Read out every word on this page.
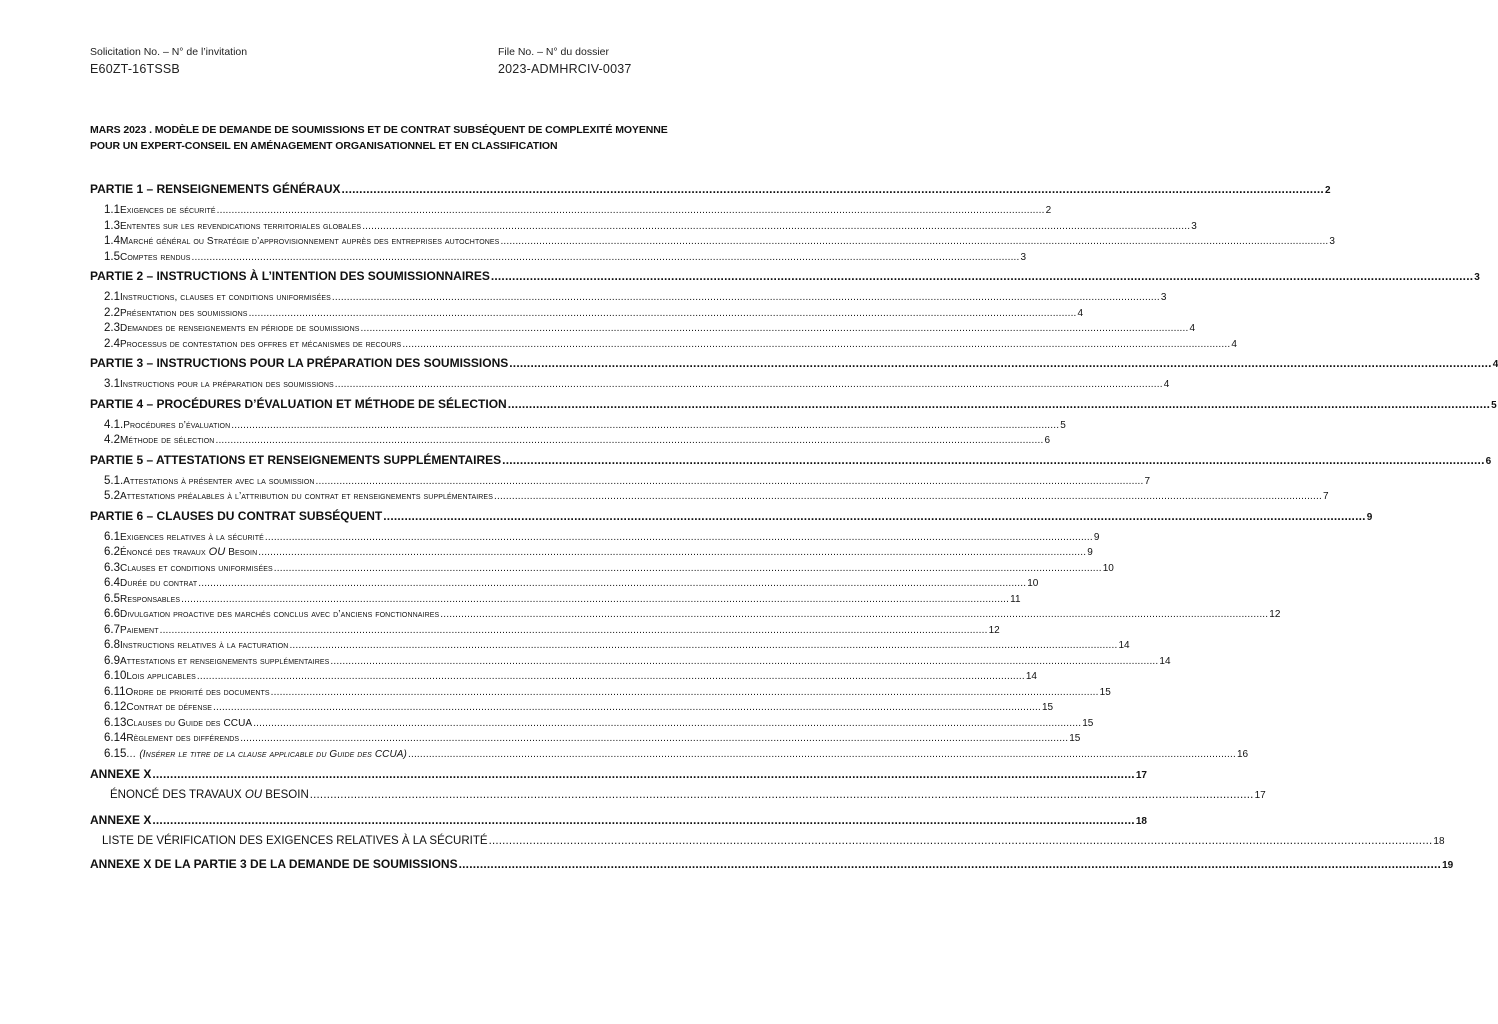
Solicitation No. – N° de l’invitation
E60ZT-16TSSB
File No. – N° du dossier
2023-ADMHRCIV-0037
MARS 2023 . MODÈLE DE DEMANDE DE SOUMISSIONS ET DE CONTRAT SUBSÉQUENT DE COMPLEXITÉ MOYENNE
POUR UN EXPERT-CONSEIL EN AMÉNAGEMENT ORGANISATIONNEL ET EN CLASSIFICATION
PARTIE 1 – RENSEIGNEMENTS GÉNÉRAUX .....	2
1.1 Exigences de sécurité .....	2
1.3 Ententes sur les revendications territoriales globales .....	3
1.4 Marché général ou Stratégie d’approvisionnement auprès des entreprises autochtones .....	3
1.5 Comptes rendus .....	3
PARTIE 2 – INSTRUCTIONS À L’INTENTION DES SOUMISSIONNAIRES .....	3
2.1 Instructions, clauses et conditions uniformisées .....	3
2.2 Présentation des soumissions .....	4
2.3 Demandes de renseignements en période de soumissions .....	4
2.4 Processus de contestation des offres et mécanismes de recours .....	4
PARTIE 3 – INSTRUCTIONS POUR LA PRÉPARATION DES SOUMISSIONS .....	4
3.1 Instructions pour la préparation des soumissions .....	4
PARTIE 4 – PROCÉDURES D’ÉVALUATION ET MÉTHODE DE SÉLECTION .....	5
4.1. Procédures d’évaluation .....	5
4.2 Méthode de sélection .....	6
PARTIE 5 – ATTESTATIONS ET RENSEIGNEMENTS SUPPLÉMENTAIRES .....	6
5.1. Attestations à présenter avec la soumission .....	7
5.2 Attestations préalables à l’attribution du contrat et renseignements supplémentaires .....	7
PARTIE 6 – CLAUSES DU CONTRAT SUBSÉQUENT .....	9
6.1 Exigences relatives à la sécurité .....	9
6.2 Énoncé des travaux OU Besoin .....	9
6.3 Clauses et conditions uniformisées .....	10
6.4 Durée du contrat .....	10
6.5 Responsables .....	11
6.6 Divulgation proactive des marchés conclus avec d’anciens fonctionnaires .....	12
6.7 Paiement .....	12
6.8 Instructions relatives à la facturation .....	14
6.9 Attestations et renseignements supplémentaires .....	14
6.10 Lois applicables .....	14
6.11 Ordre de priorité des documents .....	15
6.12 Contrat de défense .....	15
6.13 Clauses du Guide des CCUA .....	15
6.14 Règlement des différends .....	15
6.15 … (Insérer le titre de la clause applicable du Guide des CCUA) .....	16
ANNEXE X .....	17
ÉNONCÉ DES TRAVAUX OU BESOIN .....	17
ANNEXE X .....	18
LISTE DE VÉRIFICATION DES EXIGENCES RELATIVES À LA SÉCURITÉ .....	18
ANNEXE X DE LA PARTIE 3 DE LA DEMANDE DE SOUMISSIONS .....	19
